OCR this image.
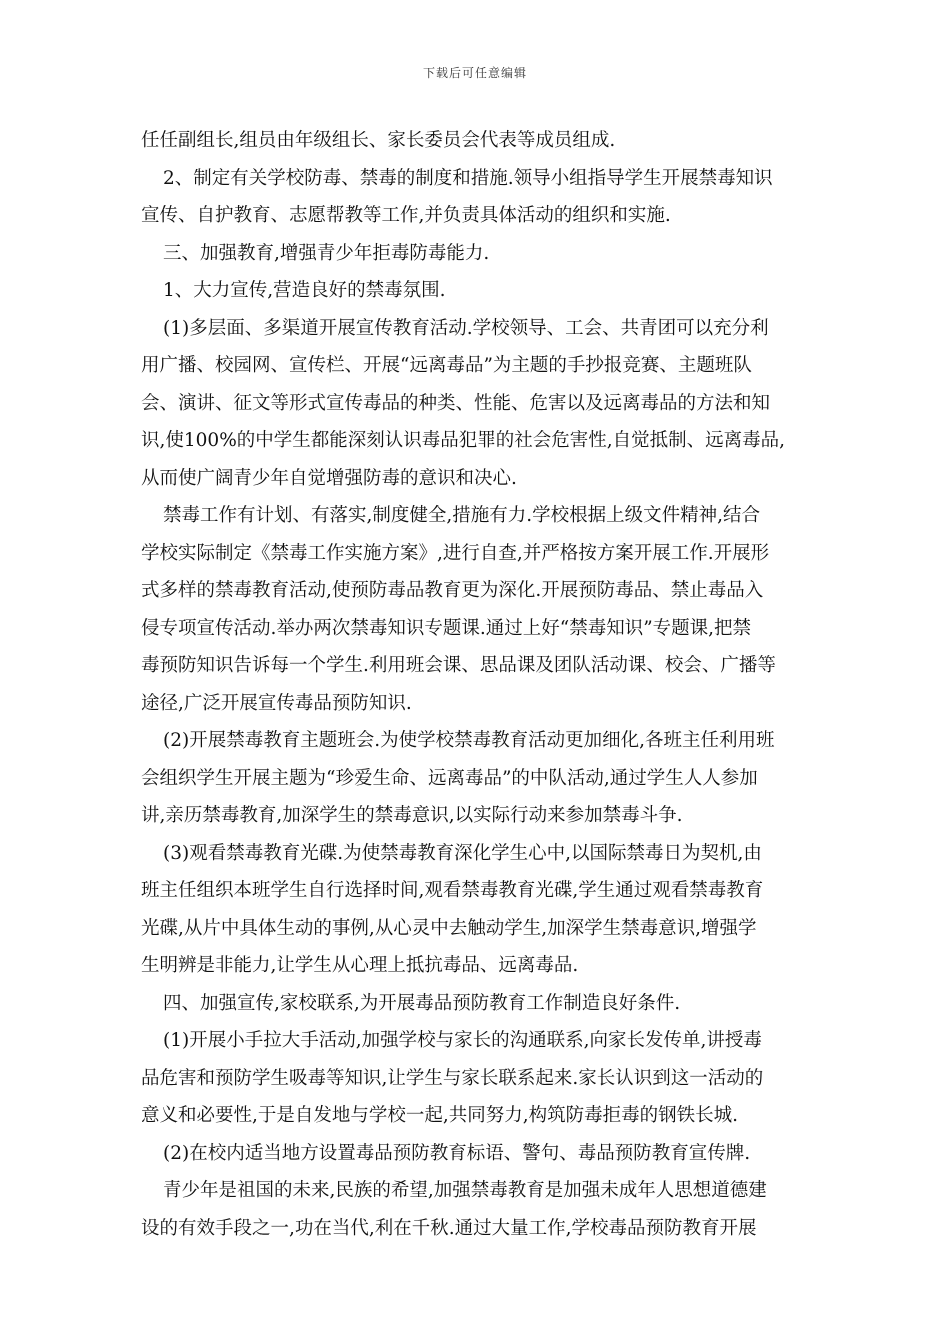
下载后可任意编辑
任任副组长,组员由年级组长、家长委员会代表等成员组成.
2、制定有关学校防毒、禁毒的制度和措施.领导小组指导学生开展禁毒知识
宣传、自护教育、志愿帮教等工作,并负责具体活动的组织和实施.
三、加强教育,增强青少年拒毒防毒能力.
1、大力宣传,营造良好的禁毒氛围.
(1)多层面、多渠道开展宣传教育活动.学校领导、工会、共青团可以充分利
用广播、校园网、宣传栏、开展“远离毒品”为主题的手抄报竞赛、主题班队
会、演讲、征文等形式宣传毒品的种类、性能、危害以及远离毒品的方法和知
识,使100%的中学生都能深刻认识毒品犯罪的社会危害性,自觉抵制、远离毒品,
从而使广阔青少年自觉增强防毒的意识和决心.
禁毒工作有计划、有落实,制度健全,措施有力.学校根据上级文件精神,结合
学校实际制定《禁毒工作实施方案》,进行自查,并严格按方案开展工作.开展形
式多样的禁毒教育活动,使预防毒品教育更为深化.开展预防毒品、禁止毒品入
侵专项宣传活动.举办两次禁毒知识专题课.通过上好“禁毒知识”专题课,把禁
毒预防知识告诉每一个学生.利用班会课、思品课及团队活动课、校会、广播等
途径,广泛开展宣传毒品预防知识.
(2)开展禁毒教育主题班会.为使学校禁毒教育活动更加细化,各班主任利用班
会组织学生开展主题为“珍爱生命、远离毒品”的中队活动,通过学生人人参加
讲,亲历禁毒教育,加深学生的禁毒意识,以实际行动来参加禁毒斗争.
(3)观看禁毒教育光碟.为使禁毒教育深化学生心中,以国际禁毒日为契机,由
班主任组织本班学生自行选择时间,观看禁毒教育光碟,学生通过观看禁毒教育
光碟,从片中具体生动的事例,从心灵中去触动学生,加深学生禁毒意识,增强学
生明辨是非能力,让学生从心理上抵抗毒品、远离毒品.
四、加强宣传,家校联系,为开展毒品预防教育工作制造良好条件.
(1)开展小手拉大手活动,加强学校与家长的沟通联系,向家长发传单,讲授毒
品危害和预防学生吸毒等知识,让学生与家长联系起来.家长认识到这一活动的
意义和必要性,于是自发地与学校一起,共同努力,构筑防毒拒毒的钢铁长城.
(2)在校内适当地方设置毒品预防教育标语、警句、毒品预防教育宣传牌.
青少年是祖国的未来,民族的希望,加强禁毒教育是加强未成年人思想道德建
设的有效手段之一,功在当代,利在千秋.通过大量工作,学校毒品预防教育开展
